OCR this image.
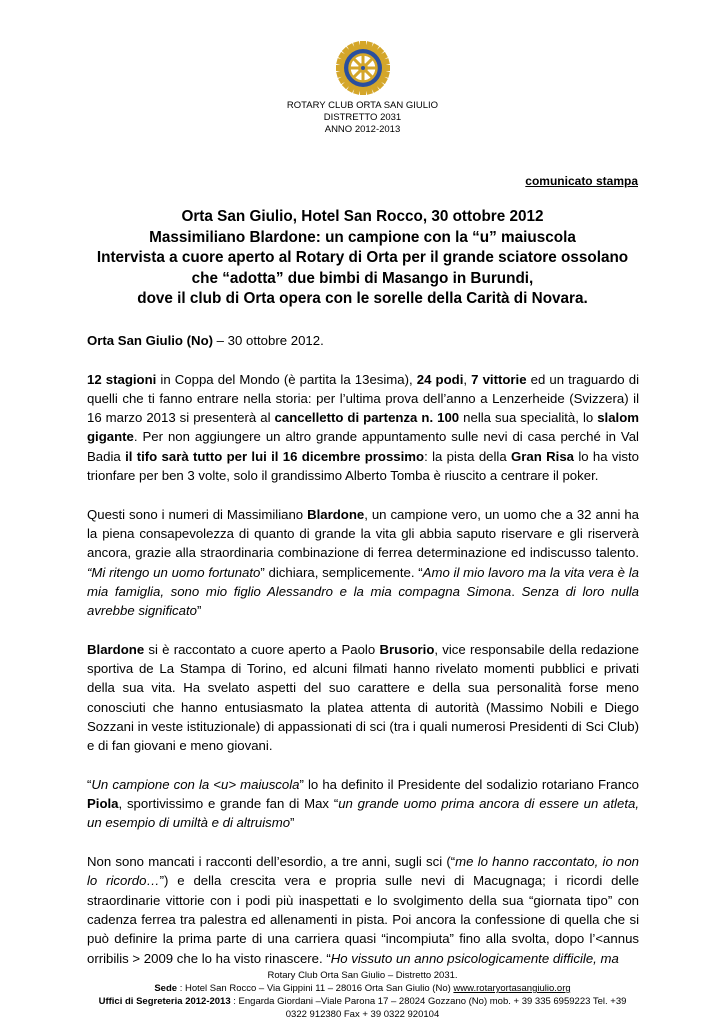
ROTARY CLUB ORTA SAN GIULIO
DISTRETTO 2031
ANNO 2012-2013
comunicato stampa
Orta San Giulio, Hotel San Rocco, 30 ottobre 2012
Massimiliano Blardone: un campione con la “u” maiuscola
Intervista a cuore aperto al Rotary di Orta per il grande sciatore ossolano
che “adotta” due bimbi di Masango in Burundi,
dove il club di Orta opera con le sorelle della Carità di Novara.

Orta San Giulio (No) – 30 ottobre 2012.

12 stagioni in Coppa del Mondo (è partita la 13esima), 24 podi, 7 vittorie ed un traguardo di quelli che ti fanno entrare nella storia: per l’ultima prova dell’anno a Lenzerheide (Svizzera) il 16 marzo 2013 si presenterà al cancelletto di partenza n. 100 nella sua specialità, lo slalom gigante. Per non aggiungere un altro grande appuntamento sulle nevi di casa perché in Val Badia il tifo sarà tutto per lui il 16 dicembre prossimo: la pista della Gran Risa lo ha visto trionfare per ben 3 volte, solo il grandissimo Alberto Tomba è riuscito a centrare il poker.

Questi sono i numeri di Massimiliano Blardone, un campione vero, un uomo che a 32 anni ha la piena consapevolezza di quanto di grande la vita gli abbia saputo riservare e gli riserverà ancora, grazie alla straordinaria combinazione di ferrea determinazione ed indiscusso talento. “Mi ritengo un uomo fortunato” dichiara, semplicemente. “Amo il mio lavoro ma la vita vera è la mia famiglia, sono mio figlio Alessandro e la mia compagna Simona. Senza di loro nulla avrebbe significato”

Blardone si è raccontato a cuore aperto a Paolo Brusorio, vice responsabile della redazione sportiva de La Stampa di Torino, ed alcuni filmati hanno rivelato momenti pubblici e privati della sua vita. Ha svelato aspetti del suo carattere e della sua personalità forse meno conosciuti che hanno entusiasmato la platea attenta di autorità (Massimo Nobili e Diego Sozzani in veste istituzionale) di appassionati di sci (tra i quali numerosi Presidenti di Sci Club) e di fan giovani e meno giovani.

“Un campione con la <u> maiuscola” lo ha definito il Presidente del sodalizio rotariano Franco Piola, sportivissimo e grande fan di Max “un grande uomo prima ancora di essere un atleta, un esempio di umiltà e di altruismo”

Non sono mancati i racconti dell’esordio, a tre anni, sugli sci (“me lo hanno raccontato, io non lo ricordo…”) e della crescita vera e propria sulle nevi di Macugnaga; i ricordi delle straordinarie vittorie con i podi più inaspettati e lo svolgimento della sua “giornata tipo” con cadenza ferrea tra palestra ed allenamenti in pista. Poi ancora la confessione di quella che si può definire la prima parte di una carriera quasi “incompiuta” fino alla svolta, dopo l’<annus orribilis > 2009 che lo ha visto rinascere. “Ho vissuto un anno psicologicamente difficile, ma

Rotary Club Orta San Giulio – Distretto 2031.
Sede : Hotel San Rocco – Via Gippini 11 – 28016 Orta San Giulio (No) www.rotaryortasangiulio.org
Uffici di Segreteria 2012-2013 : Engarda Giordani –Viale Parona 17 – 28024 Gozzano (No) mob. + 39 335 6959223 Tel. +39
0322 912380 Fax + 39 0322 920104
